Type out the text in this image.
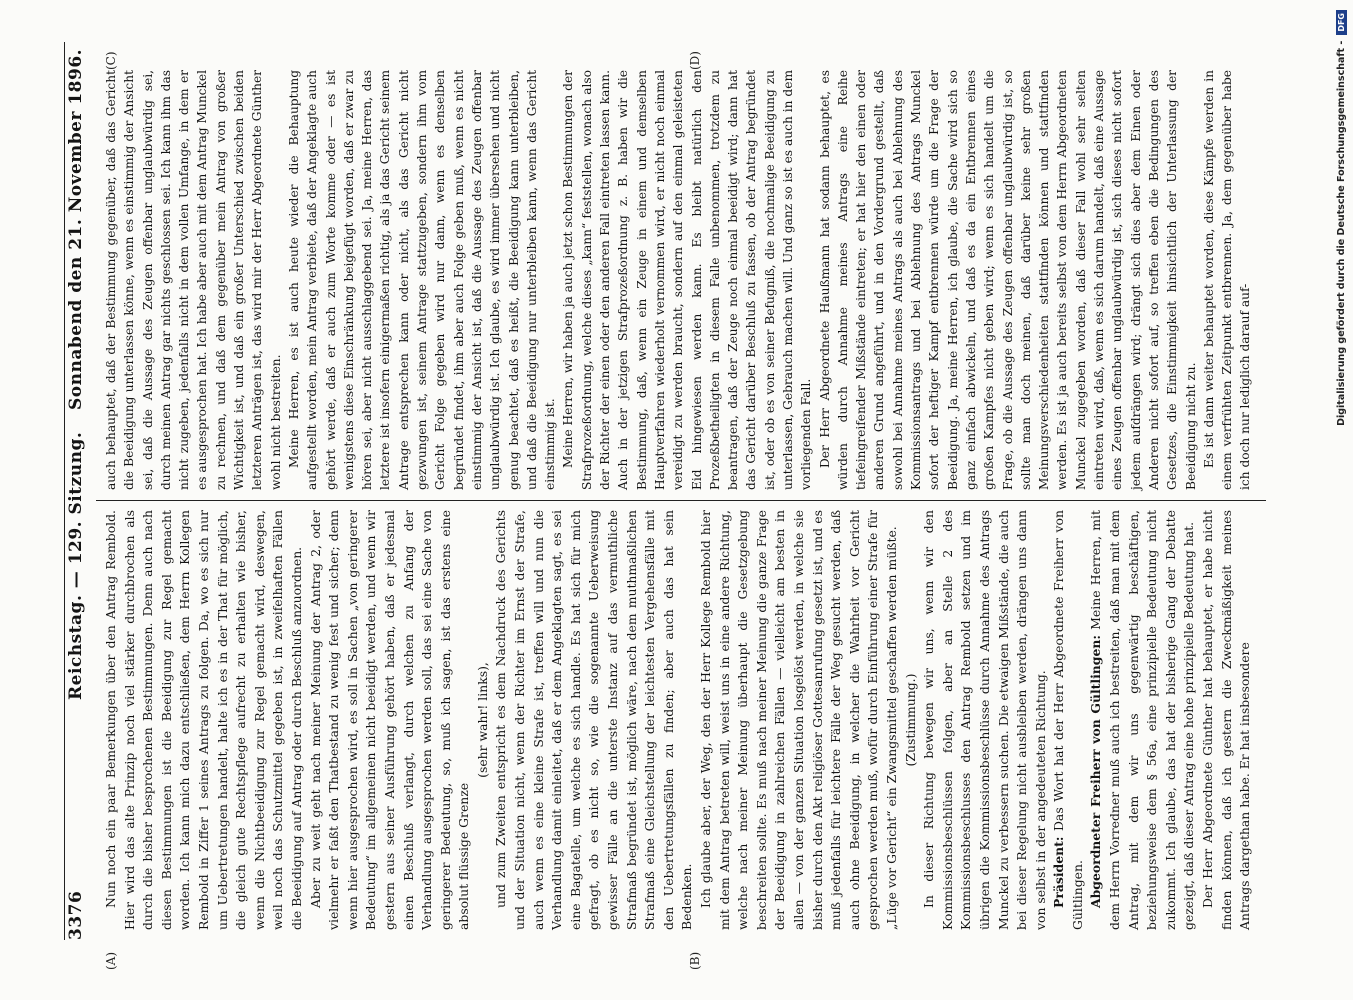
3376
Reichstag. — 129. Sitzung.
Sonnabend den 21. November 1896.
(A)	(B)
(C)	(D)

Nun noch ein paar Bemerkungen über den Antrag Rembold. Hier wird das alte Prinzip noch viel stärker durchbrochen als durch die bisher besprochenen Bestimmungen. Denn auch nach diesen Bestimmungen ist die Beeidigung zur Regel gemacht worden. Ich kann mich dazu entschließen, dem Herrn Kollegen Rembold in Ziffer 1 seines Antrags zu folgen. Da, wo es sich nur um Uebertretungen handelt, halte ich es in der That für möglich, die gleich gute Rechtspflege aufrecht zu erhalten wie bisher, wenn die Nichtbeeidigung zur Regel gemacht wird, deswegen, weil noch das Schutzmittel gegeben ist, in zweifelhaften Fällen die Beeidigung auf Antrag oder durch Beschluß anzuordnen. Aber zu weit geht nach meiner Meinung der Antrag 2, oder vielmehr er faßt den Thatbestand zu wenig fest und sicher; denn wenn hier ausgesprochen wird, es soll in Sachen „von geringerer Bedeutung“ im allgemeinen nicht beeidigt werden, und wenn wir gestern aus seiner Ausführung gehört haben, daß er jedesmal einen Beschluß verlangt, durch welchen zu Anfang der Verhandlung ausgesprochen werden soll, das sei eine Sache von geringerer Bedeutung, so, muß ich sagen, ist das erstens eine absolut flüssige Grenze

(sehr wahr! links), und zum Zweiten entspricht es dem Nachdruck des Gerichts und der Situation nicht, wenn der Richter im Ernst der Strafe, auch wenn es eine kleine Strafe ist, treffen will und nun die Verhandlung damit einleitet, daß er dem Angeklagten sagt, es sei eine Bagatelle, um welche es sich handle. Es hat sich für mich gefragt, ob es nicht so, wie die sogenannte Ueberweisung gewisser Fälle an die unterste Instanz auf das vermuthliche Strafmaß begründet ist, möglich wäre, nach dem muthmaßlichen Strafmaß eine Gleichstellung der leichtesten Vergehensfälle mit den Uebertretungsfällen zu finden; aber auch das hat sein Bedenken. Ich glaube aber, der Weg, den der Herr Kollege Rembold hier mit dem Antrag betreten will, weist uns in eine andere Richtung, welche nach meiner Meinung überhaupt die Gesetzgebung beschreiten sollte. Es muß nach meiner Meinung die ganze Frage der Beeidigung in zahlreichen Fällen — vielleicht am besten in allen — von der ganzen Situation losgelöst werden, in welche sie bisher durch den Akt religiöser Gottesanrufung gesetzt ist, und es muß jedenfalls für leichtere Fälle der Weg gesucht werden, daß auch ohne Beeidigung, in welcher die Wahrheit vor Gericht gesprochen werden muß, wofür durch Einführung einer Strafe für „Lüge vor Gericht“ ein Zwangsmittel geschaffen werden müßte. (Zustimmung.) In dieser Richtung bewegen wir uns, wenn wir den Kommissionsbeschlüssen folgen, aber an Stelle 2 des Kommissionsbeschlusses den Antrag Rembold setzen und im übrigen die Kommissionsbeschlüsse durch Annahme des Antrags Munckel zu verbessern suchen. Die etwaigen Mißstände, die auch bei dieser Regelung nicht ausbleiben werden, drängen uns dann von selbst in der angedeuteten Richtung. Präsident: Das Wort hat der Herr Abgeordnete Freiherr von Gültlingen. Abgeordneter Freiherr von Gültlingen: Meine Herren, mit dem Herrn Vorredner muß auch ich bestreiten, daß man mit dem Antrag, mit dem wir uns gegenwärtig beschäftigen, beziehungsweise dem § 56a, eine prinzipielle Bedeutung nicht zukommt. Ich glaube, das hat der bisherige Gang der Debatte gezeigt, daß dieser Antrag eine hohe prinzipielle Bedeutung hat. Der Herr Abgeordnete Günther hat behauptet, er habe nicht finden können, daß ich gestern die Zweckmäßigkeit meines Antrags dargethan habe. Er hat insbesondere

auch behauptet, daß der Bestimmung gegenüber, daß das Gericht die Beeidigung unterlassen könne, wenn es einstimmig der Ansicht sei, daß die Aussage des Zeugen offenbar unglaubwürdig sei, durch meinen Antrag gar nichts geschlossen sei. Ich kann ihm das nicht zugeben, jedenfalls nicht in dem vollen Umfange, in dem er es ausgesprochen hat. Ich habe aber auch mit dem Antrag Munckel zu rechnen, und daß dem gegenüber mein Antrag von großer Wichtigkeit ist, und daß ein großer Unterschied zwischen beiden letzteren Anträgen ist, das wird mir der Herr Abgeordnete Günther wohl nicht bestreiten. Meine Herren, es ist auch heute wieder die Behauptung aufgestellt worden, mein Antrag verbiete, daß der Angeklagte auch gehört werde, daß er auch zum Worte komme oder — es ist wenigstens diese Einschränkung beigefügt worden, daß er zwar zu hören sei, aber nicht ausschlaggebend sei. Ja, meine Herren, das letztere ist insofern einigermaßen richtig, als ja das Gericht seinem Antrage entsprechen kann oder nicht, als das Gericht nicht gezwungen ist, seinem Antrage stattzugeben, sondern ihm vom Gericht Folge gegeben wird nur dann, wenn es denselben begründet findet, ihm aber auch Folge geben muß, wenn es nicht einstimmig der Ansicht ist, daß die Aussage des Zeugen offenbar unglaubwürdig ist. Ich glaube, es wird immer übersehen und nicht genug beachtet, daß es heißt, die Beeidigung kann unterbleiben, und daß die Beeidigung nur unterbleiben kann, wenn das Gericht einstimmig ist. Meine Herren, wir haben ja auch jetzt schon Bestimmungen der Strafprozeßordnung, welche dieses „kann“ feststellen, wonach also der Richter der einen oder den anderen Fall eintreten lassen kann. Auch in der jetzigen Strafprozeßordnung z. B. haben wir die Bestimmung, daß, wenn ein Zeuge in einem und demselben Hauptverfahren wiederholt vernommen wird, er nicht noch einmal vereidigt zu werden braucht, sondern auf den einmal geleisteten Eid hingewiesen werden kann. Es bleibt natürlich den Prozeßbetheiligten in diesem Falle unbenommen, trotzdem zu beantragen, daß der Zeuge noch einmal beeidigt wird; dann hat das Gericht darüber Beschluß zu fassen, ob der Antrag begründet ist, oder ob es von seiner Befugniß, die nochmalige Beeidigung zu unterlassen, Gebrauch machen will. Und ganz so ist es auch in dem vorliegenden Fall. Der Herr Abgeordnete Haußmann hat sodann behauptet, es würden durch Annahme meines Antrags eine Reihe tiefeingreifender Mißstände eintreten; er hat hier den einen oder anderen Grund angeführt, und in den Vordergrund gestellt, daß sowohl bei Annahme meines Antrags als auch bei Ablehnung des Kommissionsantrags und bei Ablehnung des Antrags Munckel sofort der heftiger Kampf entbrennen würde um die Frage der Beeidigung. Ja, meine Herren, ich glaube, die Sache wird sich so ganz einfach abwickeln, und daß es da ein Entbrennen eines großen Kampfes nicht geben wird; wenn es sich handelt um die Frage, ob die Aussage des Zeugen offenbar unglaubwürdig ist, so sollte man doch meinen, daß darüber keine sehr großen Meinungsverschiedenheiten stattfinden können und stattfinden werden. Es ist ja auch bereits selbst von dem Herrn Abgeordneten Munckel zugegeben worden, daß dieser Fall wohl sehr selten eintreten wird, daß, wenn es sich darum handelt, daß eine Aussage eines Zeugen offenbar unglaubwürdig ist, sich dieses nicht sofort jedem aufdrängen wird; drängt sich dies aber dem Einen oder Anderen nicht sofort auf, so treffen eben die Bedingungen des Gesetzes, die Einstimmigkeit hinsichtlich der Unterlassung der Beeidigung nicht zu. Es ist dann weiter behauptet worden, diese Kämpfe werden in einem verfrühten Zeitpunkt entbrennen. Ja, dem gegenüber habe ich doch nur lediglich darauf auf-	Digitalisierung gefördert durch die Deutsche Forschungsgemeinschaft -
DFG
